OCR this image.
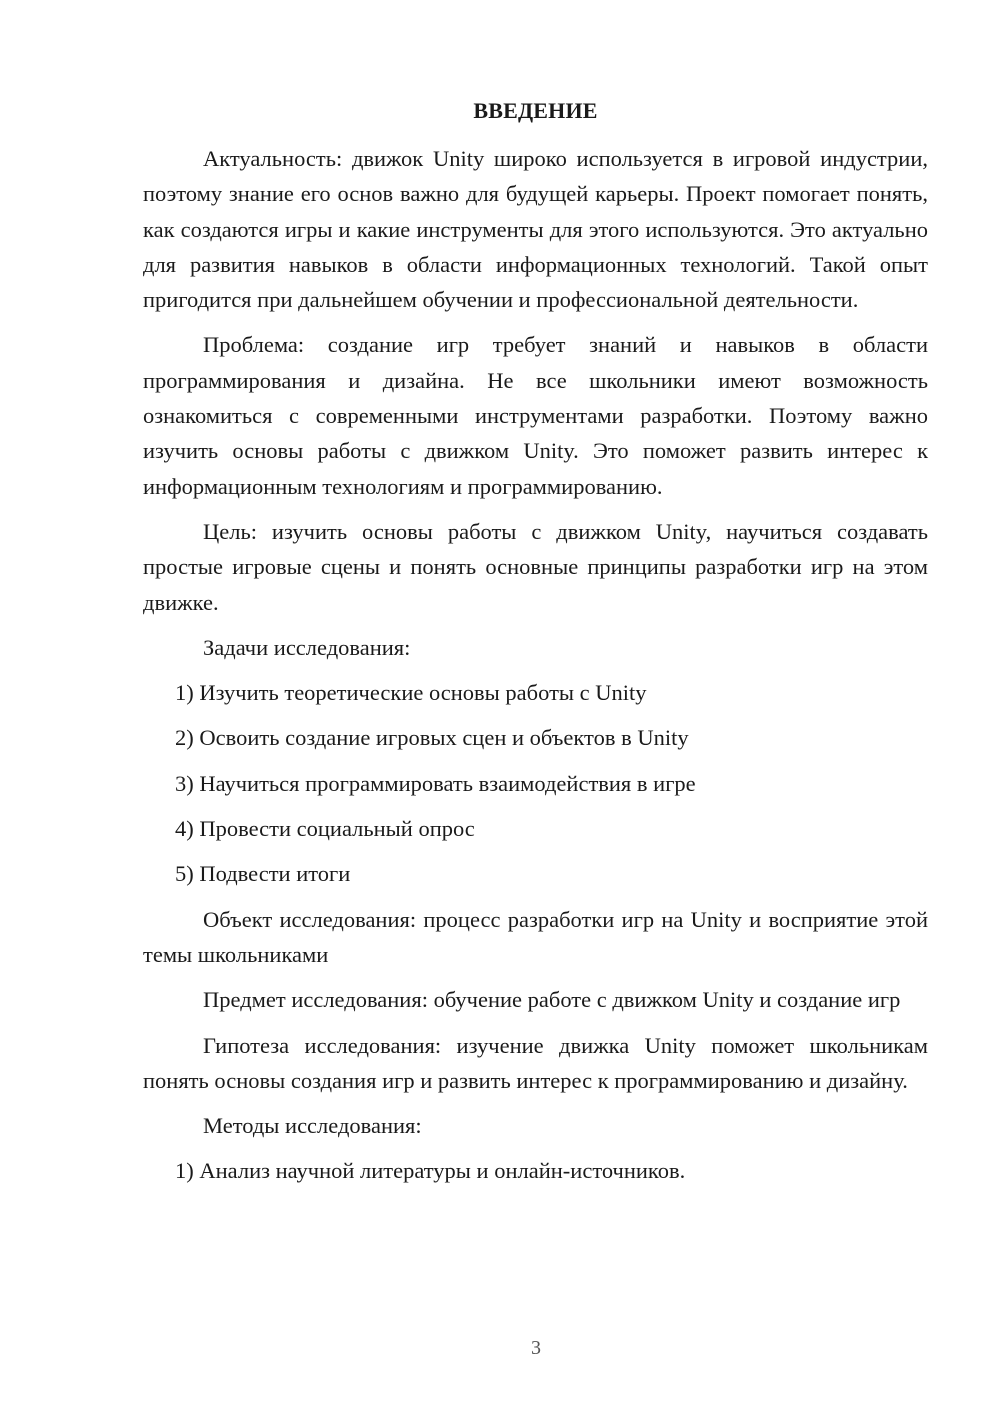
ВВЕДЕНИЕ

Актуальность: движок Unity широко используется в игровой индустрии, поэтому знание его основ важно для будущей карьеры. Проект помогает понять, как создаются игры и какие инструменты для этого используются. Это актуально для развития навыков в области информационных технологий. Такой опыт пригодится при дальнейшем обучении и профессиональной деятельности.

Проблема: создание игр требует знаний и навыков в области программирования и дизайна. Не все школьники имеют возможность ознакомиться с современными инструментами разработки. Поэтому важно изучить основы работы с движком Unity. Это поможет развить интерес к информационным технологиям и программированию.

Цель: изучить основы работы с движком Unity, научиться создавать простые игровые сцены и понять основные принципы разработки игр на этом движке.

Задачи исследования:

1) Изучить теоретические основы работы с Unity

2) Освоить создание игровых сцен и объектов в Unity

3) Научиться программировать взаимодействия в игре

4) Провести социальный опрос

5) Подвести итоги

Объект исследования: процесс разработки игр на Unity и восприятие этой темы школьниками

Предмет исследования: обучение работе с движком Unity и создание игр

Гипотеза исследования: изучение движка Unity поможет школьникам понять основы создания игр и развить интерес к программированию и дизайну.

Методы исследования:

1) Анализ научной литературы и онлайн-источников.

3
